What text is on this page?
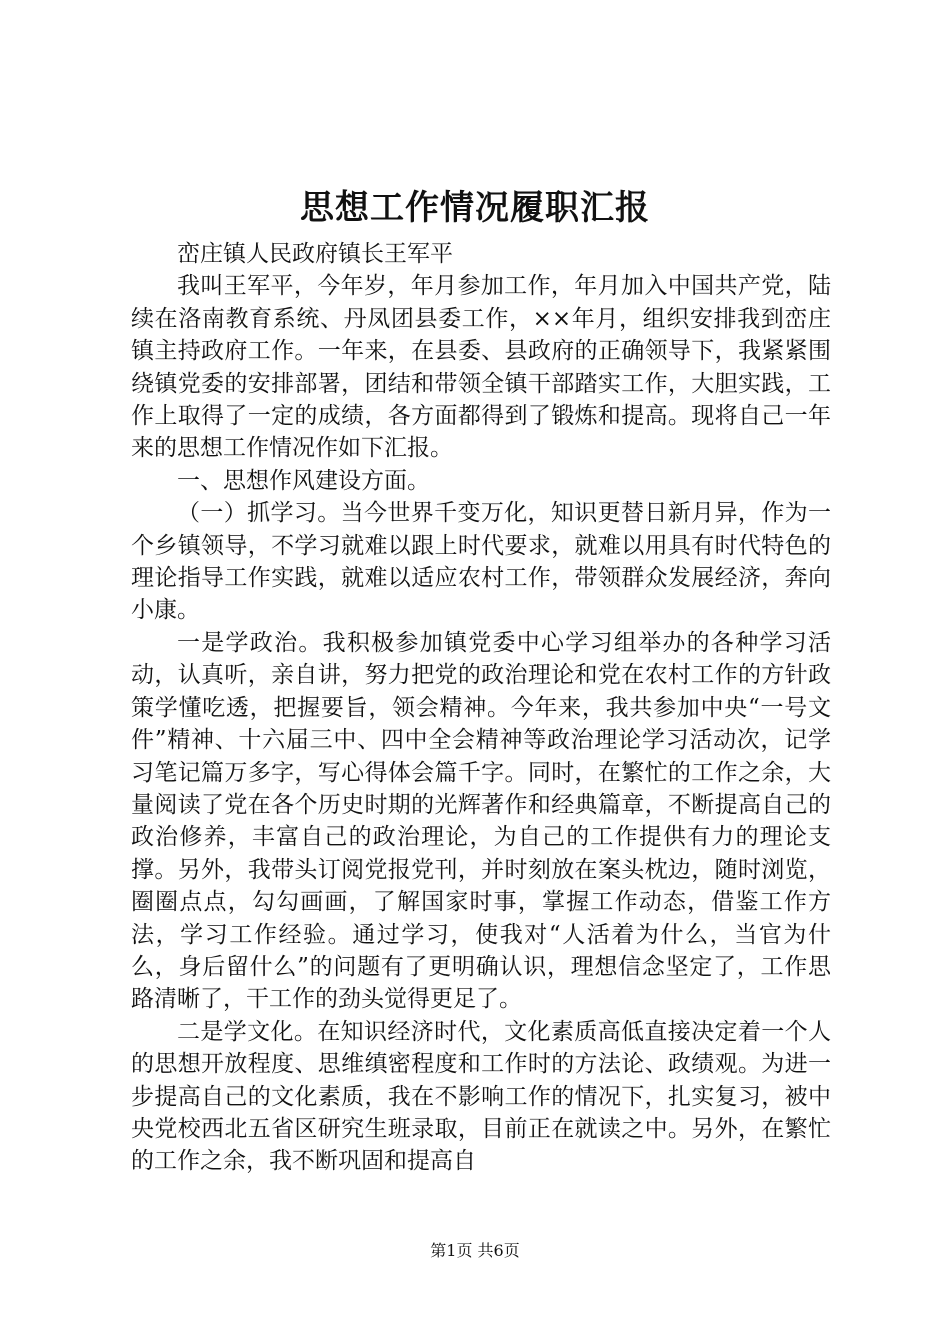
思想工作情况履职汇报

峦庄镇人民政府镇长王军平

我叫王军平，今年岁，年月参加工作，年月加入中国共产党，陆续在洛南教育系统、丹凤团县委工作，××年月，组织安排我到峦庄镇主持政府工作。一年来，在县委、县政府的正确领导下，我紧紧围绕镇党委的安排部署，团结和带领全镇干部踏实工作，大胆实践，工作上取得了一定的成绩，各方面都得到了锻炼和提高。现将自己一年来的思想工作情况作如下汇报。

一、思想作风建设方面。

（一）抓学习。当今世界千变万化，知识更替日新月异，作为一个乡镇领导，不学习就难以跟上时代要求，就难以用具有时代特色的理论指导工作实践，就难以适应农村工作，带领群众发展经济，奔向小康。

一是学政治。我积极参加镇党委中心学习组举办的各种学习活动，认真听，亲自讲，努力把党的政治理论和党在农村工作的方针政策学懂吃透，把握要旨，领会精神。今年来，我共参加中央“一号文件”精神、十六届三中、四中全会精神等政治理论学习活动次，记学习笔记篇万多字，写心得体会篇千字。同时，在繁忙的工作之余，大量阅读了党在各个历史时期的光辉著作和经典篇章，不断提高自己的政治修养，丰富自己的政治理论，为自己的工作提供有力的理论支撑。另外，我带头订阅党报党刊，并时刻放在案头枕边，随时浏览，圈圈点点，勾勾画画，了解国家时事，掌握工作动态，借鉴工作方法，学习工作经验。通过学习，使我对“人活着为什么，当官为什么，身后留什么”的问题有了更明确认识，理想信念坚定了，工作思路清晰了，干工作的劲头觉得更足了。

二是学文化。在知识经济时代，文化素质高低直接决定着一个人的思想开放程度、思维缜密程度和工作时的方法论、政绩观。为进一步提高自己的文化素质，我在不影响工作的情况下，扎实复习，被中央党校西北五省区研究生班录取，目前正在就读之中。另外，在繁忙的工作之余，我不断巩固和提高自

第1页 共6页
